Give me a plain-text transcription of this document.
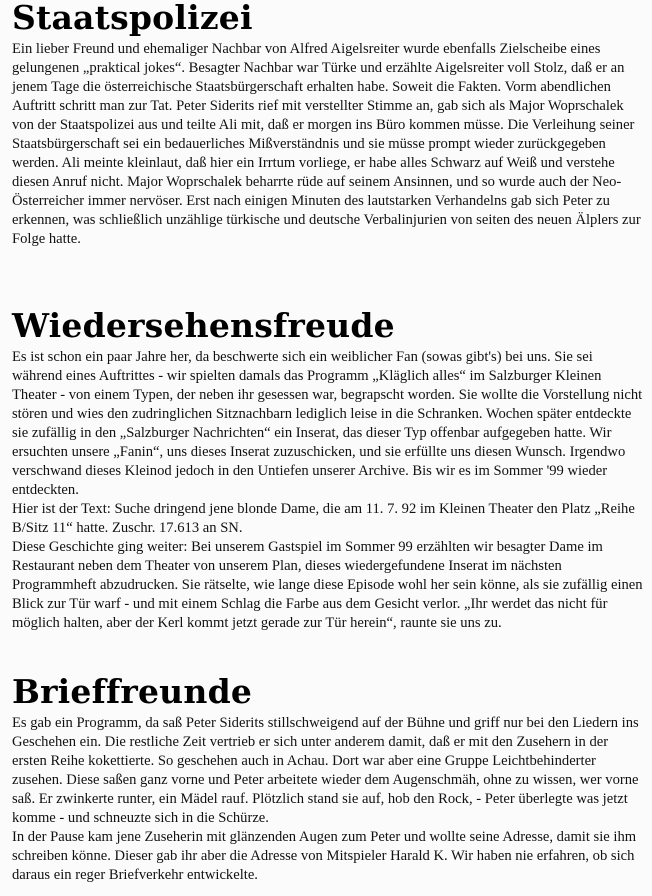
Staatspolizei

Ein lieber Freund und ehemaliger Nachbar von Alfred Aigelsreiter wurde ebenfalls Zielscheibe eines gelungenen „praktical jokes“. Besagter Nachbar war Türke und erzählte Aigelsreiter voll Stolz, daß er an jenem Tage die österreichische Staatsbürgerschaft erhalten habe. Soweit die Fakten. Vorm abendlichen Auftritt schritt man zur Tat. Peter Siderits rief mit verstellter Stimme an, gab sich als Major Woprschalek von der Staatspolizei aus und teilte Ali mit, daß er morgen ins Büro kommen müsse. Die Verleihung seiner Staatsbürgerschaft sei ein bedauerliches Mißverständnis und sie müsse prompt wieder zurückgegeben werden. Ali meinte kleinlaut, daß hier ein Irrtum vorliege, er habe alles Schwarz auf Weiß und verstehe diesen Anruf nicht. Major Woprschalek beharrte rüde auf seinem Ansinnen, und so wurde auch der Neo-Österreicher immer nervöser. Erst nach einigen Minuten des lautstarken Verhandelns gab sich Peter zu erkennen, was schließlich unzählige türkische und deutsche Verbalinjurien von seiten des neuen Älplers zur Folge hatte.

Wiedersehensfreude

Es ist schon ein paar Jahre her, da beschwerte sich ein weiblicher Fan (sowas gibt's) bei uns. Sie sei während eines Auftrittes - wir spielten damals das Programm „Kläglich alles“ im Salzburger Kleinen Theater - von einem Typen, der neben ihr gesessen war, begrapscht worden. Sie wollte die Vorstellung nicht stören und wies den zudringlichen Sitznachbarn lediglich leise in die Schranken. Wochen später entdeckte sie zufällig in den „Salzburger Nachrichten“ ein Inserat, das dieser Typ offenbar aufgegeben hatte. Wir ersuchten unsere „Fanin“, uns dieses Inserat zuzuschicken, und sie erfüllte uns diesen Wunsch. Irgendwo verschwand dieses Kleinod jedoch in den Untiefen unserer Archive. Bis wir es im Sommer '99 wieder entdeckten.

Hier ist der Text: Suche dringend jene blonde Dame, die am 11. 7. 92 im Kleinen Theater den Platz „Reihe B/Sitz 11“ hatte. Zuschr. 17.613 an SN.

Diese Geschichte ging weiter: Bei unserem Gastspiel im Sommer 99 erzählten wir besagter Dame im Restaurant neben dem Theater von unserem Plan, dieses wiedergefundene Inserat im nächsten Programmheft abzudrucken. Sie rätselte, wie lange diese Episode wohl her sein könne, als sie zufällig einen Blick zur Tür warf - und mit einem Schlag die Farbe aus dem Gesicht verlor. „Ihr werdet das nicht für möglich halten, aber der Kerl kommt jetzt gerade zur Tür herein“, raunte sie uns zu.

Brieffreunde

Es gab ein Programm, da saß Peter Siderits stillschweigend auf der Bühne und griff nur bei den Liedern ins Geschehen ein. Die restliche Zeit vertrieb er sich unter anderem damit, daß er mit den Zusehern in der ersten Reihe kokettierte. So geschehen auch in Achau. Dort war aber eine Gruppe Leichtbehinderter zusehen. Diese saßen ganz vorne und Peter arbeitete wieder dem Augenschmäh, ohne zu wissen, wer vorne saß. Er zwinkerte runter, ein Mädel rauf. Plötzlich stand sie auf, hob den Rock, - Peter überlegte was jetzt komme - und schneuzte sich in die Schürze.

In der Pause kam jene Zuseherin mit glänzenden Augen zum Peter und wollte seine Adresse, damit sie ihm schreiben könne. Dieser gab ihr aber die Adresse von Mitspieler Harald K. Wir haben nie erfahren, ob sich daraus ein reger Briefverkehr entwickelte.
